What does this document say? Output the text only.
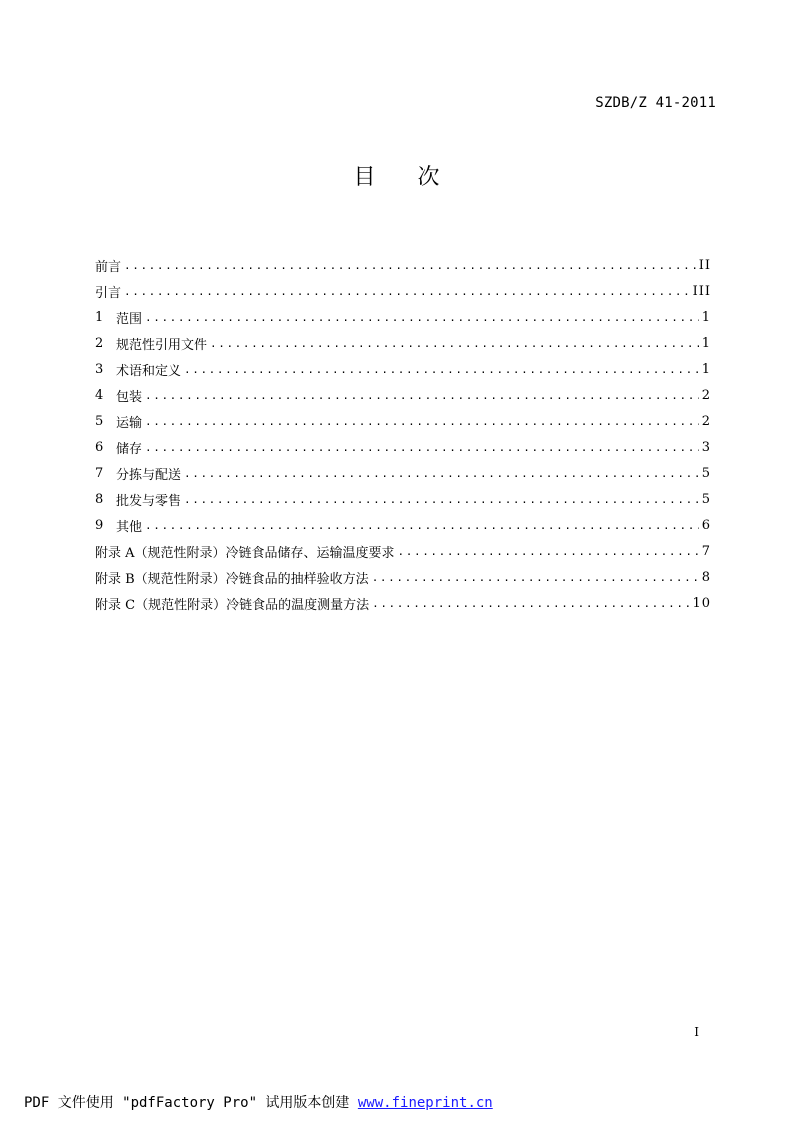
SZDB/Z 41-2011
目 次
前言 .....	II
引言 .....	III
1 范围 .....	1
2 规范性引用文件 .....	1
3 术语和定义 .....	1
4 包装 .....	2
5 运输 .....	2
6 储存 .....	3
7 分拣与配送 .....	5
8 批发与零售 .....	5
9 其他 .....	6
附录 A（规范性附录）冷链食品储存、运输温度要求 .....	7
附录 B（规范性附录）冷链食品的抽样验收方法 .....	8
附录 C（规范性附录）冷链食品的温度测量方法 .....	10
I
PDF 文件使用 "pdfFactory Pro" 试用版本创建 www.fineprint.cn
